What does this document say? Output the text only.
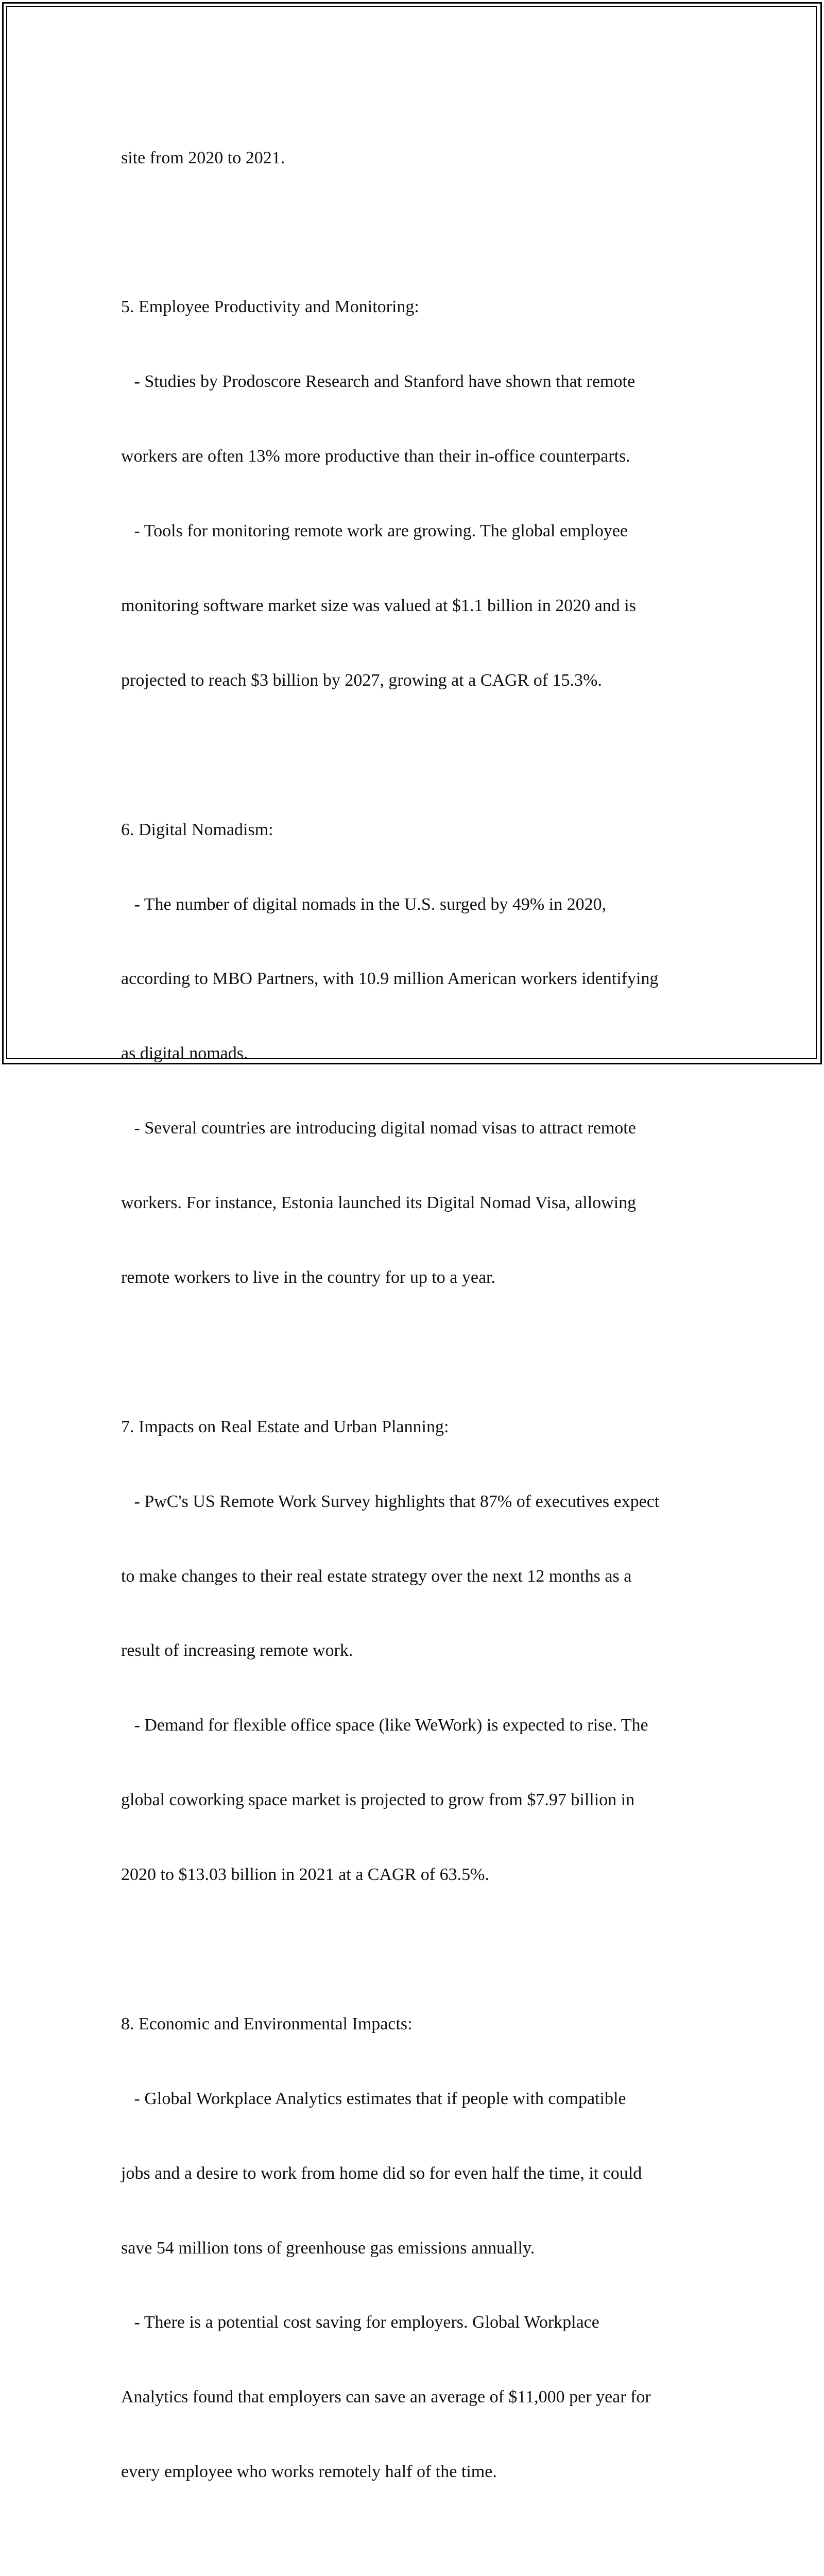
site from 2020 to 2021.

5. Employee Productivity and Monitoring:

- Studies by Prodoscore Research and Stanford have shown that remote

workers are often 13% more productive than their in-office counterparts.

- Tools for monitoring remote work are growing. The global employee

monitoring software market size was valued at $1.1 billion in 2020 and is

projected to reach $3 billion by 2027, growing at a CAGR of 15.3%.

6. Digital Nomadism:

- The number of digital nomads in the U.S. surged by 49% in 2020,

according to MBO Partners, with 10.9 million American workers identifying

as digital nomads.

- Several countries are introducing digital nomad visas to attract remote

workers. For instance, Estonia launched its Digital Nomad Visa, allowing

remote workers to live in the country for up to a year.

7. Impacts on Real Estate and Urban Planning:

- PwC's US Remote Work Survey highlights that 87% of executives expect

to make changes to their real estate strategy over the next 12 months as a

result of increasing remote work.

- Demand for flexible office space (like WeWork) is expected to rise. The

global coworking space market is projected to grow from $7.97 billion in

2020 to $13.03 billion in 2021 at a CAGR of 63.5%.

8. Economic and Environmental Impacts:

- Global Workplace Analytics estimates that if people with compatible

jobs and a desire to work from home did so for even half the time, it could

save 54 million tons of greenhouse gas emissions annually.

- There is a potential cost saving for employers. Global Workplace

Analytics found that employers can save an average of $11,000 per year for

every employee who works remotely half of the time.
